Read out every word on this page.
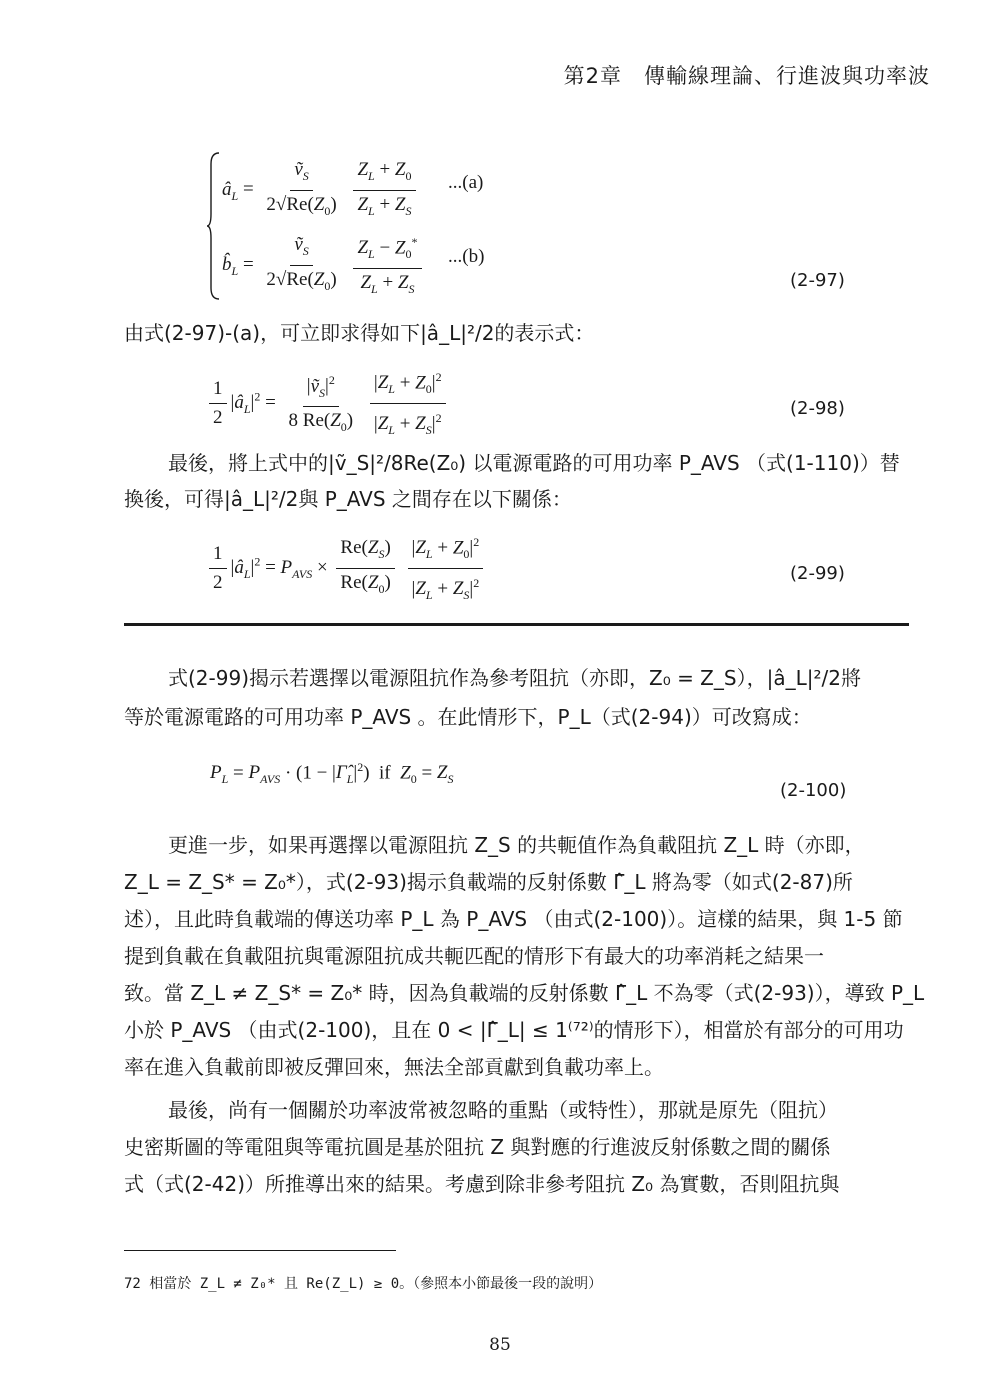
第2章　傳輸線理論、行進波與功率波
$â_L = \frac{ṽ_S}{2√Re(Z_0)}$
$\frac{Z_L + Z_0}{Z_L + Z_S} ...(a)$
$b̂_L = \frac{ṽ_S}{2√Re(Z_0)}$
$\frac{Z_L - Z_0^*}{Z_L + Z_S} ...(b)$
(2-97)
由式(2-97)-(a)，可立即求得如下|â_L|²/2的表示式：
$\frac{1}{2}$ $|â_L|^2 = \frac{|ṽ_S|^2}{8 Re(Z_0)}$
$\frac{|Z_L + Z_0|^2}{|Z_L + Z_S|^2}$	(2-98)
最後，將上式中的|ṽ_S|²/8Re(Z₀) 以電源電路的可用功率 P_AVS （式(1-110)）替
換後，可得|â_L|²/2與 P_AVS 之間存在以下關係：
$\frac{1}{2}$ $|â_L|^2 = P_{AVS} \times \frac{Re(Z_S)}{Re(Z_0)}$
$\frac{|Z_L + Z_0|^2}{|Z_L + Z_S|^2}$	(2-99)
式(2-99)揭示若選擇以電源阻抗作為參考阻抗（亦即，Z₀ = Z_S），|â_L|²/2將
等於電源電路的可用功率 P_AVS 。在此情形下，P_L（式(2-94)）可改寫成：
$P_L = P_{AVS} \cdot (1$ − $|\Gammâ_L|^2$)  if  $Z_0 = Z_S$
(2-100)
更進一步，如果再選擇以電源阻抗 Z_S 的共軛值作為負載阻抗 Z_L 時（亦即，
Z_L = Z_S* = Z₀*），式(2-93)揭示負載端的反射係數 Γ̂_L 將為零（如式(2-87)所
述），且此時負載端的傳送功率 P_L 為 P_AVS （由式(2-100)）。這樣的結果，與 1-5 節
提到負載在負載阻抗與電源阻抗成共軛匹配的情形下有最大的功率消耗之結果一
致。當 Z_L ≠ Z_S* = Z₀* 時，因為負載端的反射係數 Γ̂_L 不為零（式(2-93)），導致 P_L
小於 P_AVS （由式(2-100)，且在 0 < |Γ̂_L| ≤ 1⁽⁷²⁾的情形下），相當於有部分的可用功
率在進入負載前即被反彈回來，無法全部貢獻到負載功率上。
最後，尚有一個關於功率波常被忽略的重點（或特性），那就是原先（阻抗）
史密斯圖的等電阻與等電抗圓是基於阻抗 Z 與對應的行進波反射係數之間的關係
式（式(2-42)）所推導出來的結果。考慮到除非參考阻抗 Z₀ 為實數，否則阻抗與
72 相當於 Z_L ≠ Z₀* 且 Re(Z_L) ≥ 0。（參照本小節最後一段的說明）
85
